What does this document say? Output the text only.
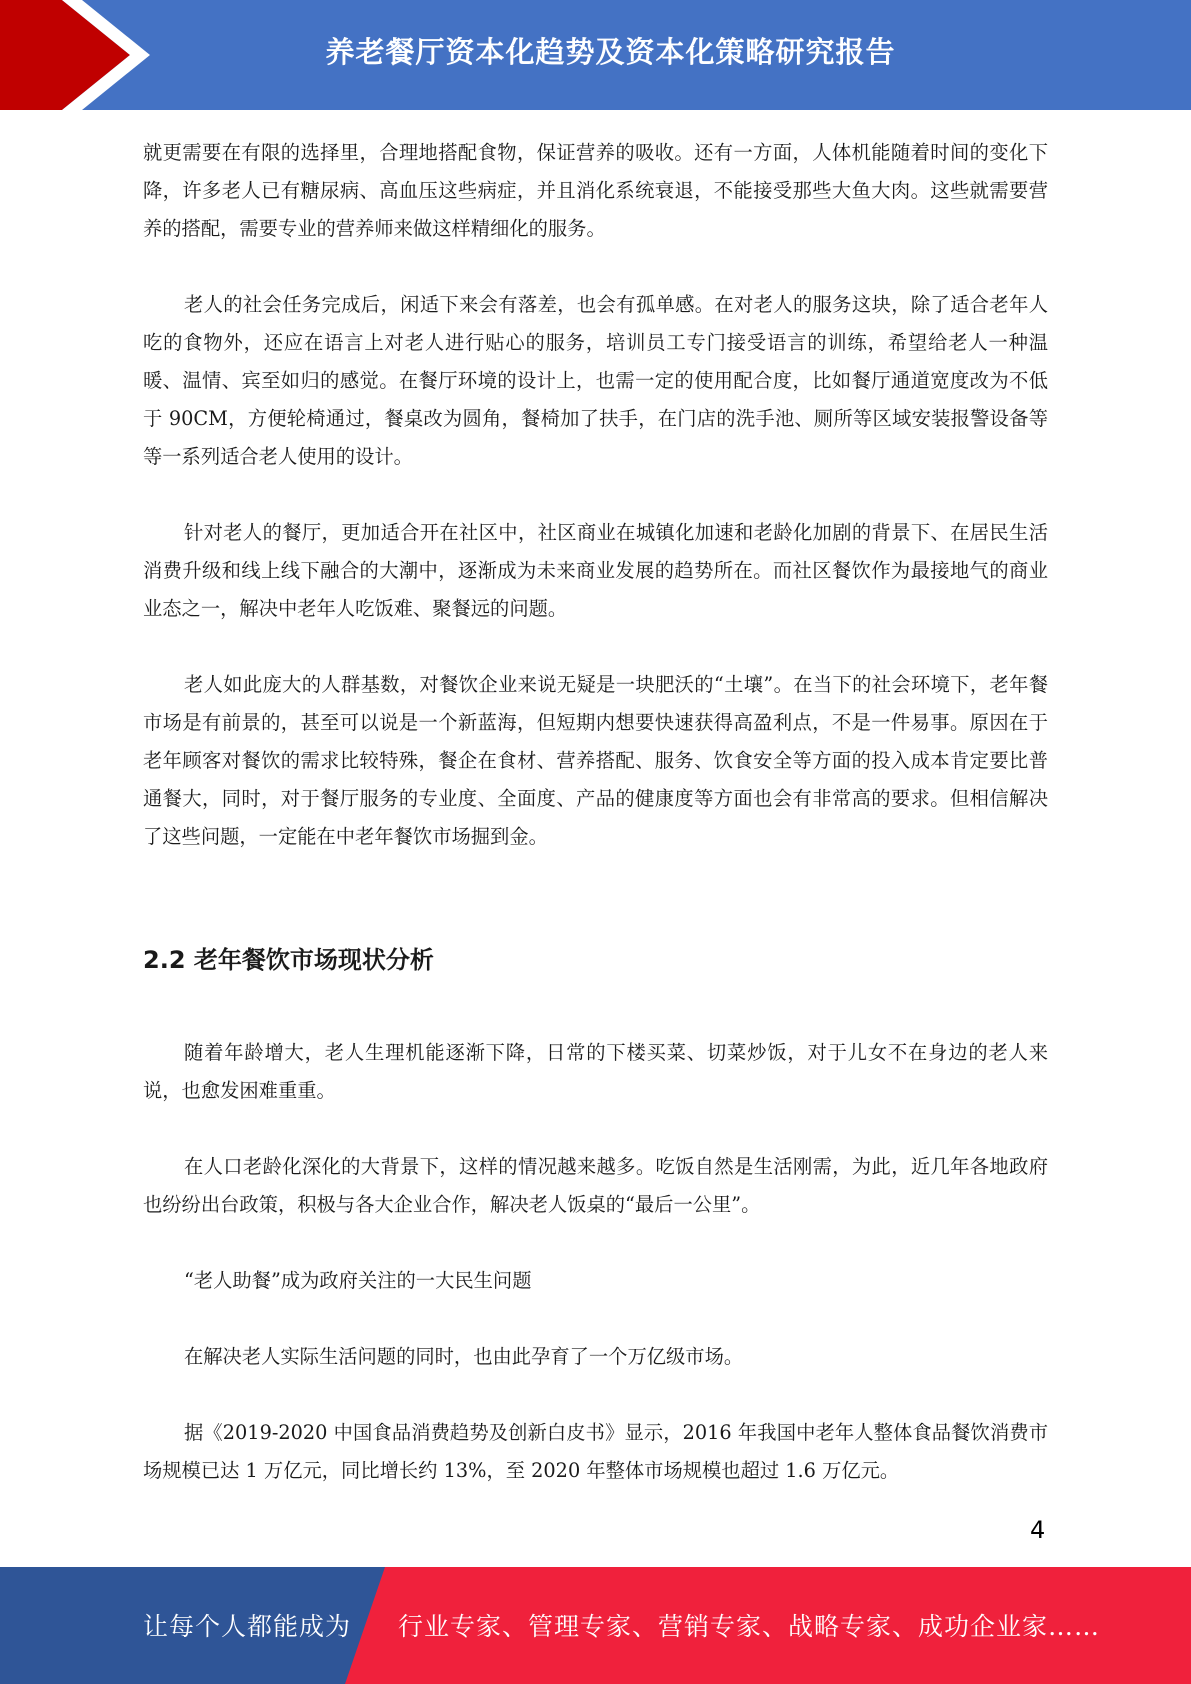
养老餐厅资本化趋势及资本化策略研究报告

就更需要在有限的选择里，合理地搭配食物，保证营养的吸收。还有一方面，人体机能随着时间的变化下降，许多老人已有糖尿病、高血压这些病症，并且消化系统衰退，不能接受那些大鱼大肉。这些就需要营养的搭配，需要专业的营养师来做这样精细化的服务。

老人的社会任务完成后，闲适下来会有落差，也会有孤单感。在对老人的服务这块，除了适合老年人吃的食物外，还应在语言上对老人进行贴心的服务，培训员工专门接受语言的训练，希望给老人一种温暖、温情、宾至如归的感觉。在餐厅环境的设计上，也需一定的使用配合度，比如餐厅通道宽度改为不低于 90CM，方便轮椅通过，餐桌改为圆角，餐椅加了扶手，在门店的洗手池、厕所等区域安装报警设备等等一系列适合老人使用的设计。

针对老人的餐厅，更加适合开在社区中，社区商业在城镇化加速和老龄化加剧的背景下、在居民生活消费升级和线上线下融合的大潮中，逐渐成为未来商业发展的趋势所在。而社区餐饮作为最接地气的商业业态之一，解决中老年人吃饭难、聚餐远的问题。

老人如此庞大的人群基数，对餐饮企业来说无疑是一块肥沃的“土壤”。在当下的社会环境下，老年餐市场是有前景的，甚至可以说是一个新蓝海，但短期内想要快速获得高盈利点，不是一件易事。原因在于老年顾客对餐饮的需求比较特殊，餐企在食材、营养搭配、服务、饮食安全等方面的投入成本肯定要比普通餐大，同时，对于餐厅服务的专业度、全面度、产品的健康度等方面也会有非常高的要求。但相信解决了这些问题，一定能在中老年餐饮市场掘到金。

2.2 老年餐饮市场现状分析

随着年龄增大，老人生理机能逐渐下降，日常的下楼买菜、切菜炒饭，对于儿女不在身边的老人来说，也愈发困难重重。

在人口老龄化深化的大背景下，这样的情况越来越多。吃饭自然是生活刚需，为此，近几年各地政府也纷纷出台政策，积极与各大企业合作，解决老人饭桌的“最后一公里”。

“老人助餐”成为政府关注的一大民生问题

在解决老人实际生活问题的同时，也由此孕育了一个万亿级市场。

据《2019-2020 中国食品消费趋势及创新白皮书》显示，2016 年我国中老年人整体食品餐饮消费市场规模已达 1 万亿元，同比增长约 13%，至 2020 年整体市场规模也超过 1.6 万亿元。

4
让每个人都能成为 行业专家、管理专家、营销专家、战略专家、成功企业家……
